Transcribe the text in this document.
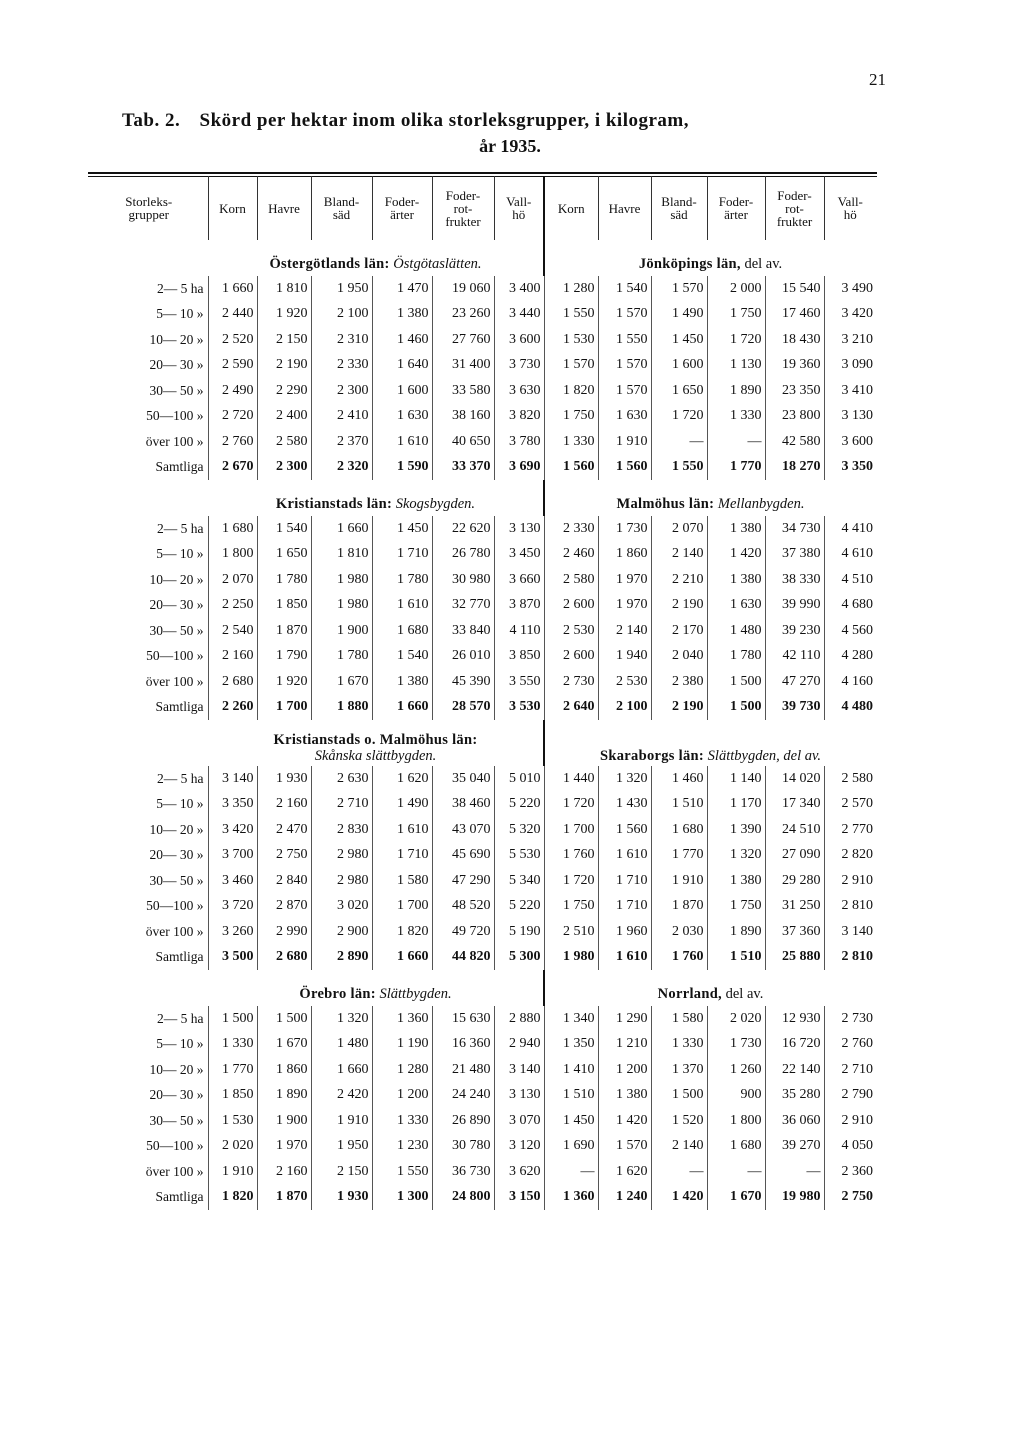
21
Tab. 2. Skörd per hektar inom olika storleksgrupper, i kilogram,
år 1935.
Storleks-
grupper	Korn	Havre	Bland-
säd	Foder-
ärter	Foder-
rot-
frukter	Vall-
hö	Korn	Havre	Bland-
säd	Foder-
ärter	Foder-
rot-
frukter	Vall-
hö
	Östergötlands län: Östgötaslätten.						Jönköpings län, del av.					
2— 5 ha	1 660	1 810	1 950	1 470	19 060	3 400	1 280	1 540	1 570	2 000	15 540	3 490
5— 10 »	2 440	1 920	2 100	1 380	23 260	3 440	1 550	1 570	1 490	1 750	17 460	3 420
10— 20 »	2 520	2 150	2 310	1 460	27 760	3 600	1 530	1 550	1 450	1 720	18 430	3 210
20— 30 »	2 590	2 190	2 330	1 640	31 400	3 730	1 570	1 570	1 600	1 130	19 360	3 090
30— 50 »	2 490	2 290	2 300	1 600	33 580	3 630	1 820	1 570	1 650	1 890	23 350	3 410
50—100 »	2 720	2 400	2 410	1 630	38 160	3 820	1 750	1 630	1 720	1 330	23 800	3 130
över 100 »	2 760	2 580	2 370	1 610	40 650	3 780	1 330	1 910	—	—	42 580	3 600
Samtliga	2 670	2 300	2 320	1 590	33 370	3 690	1 560	1 560	1 550	1 770	18 270	3 350
	Kristianstads län: Skogsbygden.						Malmöhus län: Mellanbygden.					
2— 5 ha	1 680	1 540	1 660	1 450	22 620	3 130	2 330	1 730	2 070	1 380	34 730	4 410
5— 10 »	1 800	1 650	1 810	1 710	26 780	3 450	2 460	1 860	2 140	1 420	37 380	4 610
10— 20 »	2 070	1 780	1 980	1 780	30 980	3 660	2 580	1 970	2 210	1 380	38 330	4 510
20— 30 »	2 250	1 850	1 980	1 610	32 770	3 870	2 600	1 970	2 190	1 630	39 990	4 680
30— 50 »	2 540	1 870	1 900	1 680	33 840	4 110	2 530	2 140	2 170	1 480	39 230	4 560
50—100 »	2 160	1 790	1 780	1 540	26 010	3 850	2 600	1 940	2 040	1 780	42 110	4 280
över 100 »	2 680	1 920	1 670	1 380	45 390	3 550	2 730	2 530	2 380	1 500	47 270	4 160
Samtliga	2 260	1 700	1 880	1 660	28 570	3 530	2 640	2 100	2 190	1 500	39 730	4 480
	Kristianstads o. Malmöhus län:
Skånska slättbygden.						Skaraborgs län: Slättbygden, del av.					
2— 5 ha	3 140	1 930	2 630	1 620	35 040	5 010	1 440	1 320	1 460	1 140	14 020	2 580
5— 10 »	3 350	2 160	2 710	1 490	38 460	5 220	1 720	1 430	1 510	1 170	17 340	2 570
10— 20 »	3 420	2 470	2 830	1 610	43 070	5 320	1 700	1 560	1 680	1 390	24 510	2 770
20— 30 »	3 700	2 750	2 980	1 710	45 690	5 530	1 760	1 610	1 770	1 320	27 090	2 820
30— 50 »	3 460	2 840	2 980	1 580	47 290	5 340	1 720	1 710	1 910	1 380	29 280	2 910
50—100 »	3 720	2 870	3 020	1 700	48 520	5 220	1 750	1 710	1 870	1 750	31 250	2 810
över 100 »	3 260	2 990	2 900	1 820	49 720	5 190	2 510	1 960	2 030	1 890	37 360	3 140
Samtliga	3 500	2 680	2 890	1 660	44 820	5 300	1 980	1 610	1 760	1 510	25 880	2 810
	Örebro län: Slättbygden.						Norrland, del av.					
2— 5 ha	1 500	1 500	1 320	1 360	15 630	2 880	1 340	1 290	1 580	2 020	12 930	2 730
5— 10 »	1 330	1 670	1 480	1 190	16 360	2 940	1 350	1 210	1 330	1 730	16 720	2 760
10— 20 »	1 770	1 860	1 660	1 280	21 480	3 140	1 410	1 200	1 370	1 260	22 140	2 710
20— 30 »	1 850	1 890	2 420	1 200	24 240	3 130	1 510	1 380	1 500	900	35 280	2 790
30— 50 »	1 530	1 900	1 910	1 330	26 890	3 070	1 450	1 420	1 520	1 800	36 060	2 910
50—100 »	2 020	1 970	1 950	1 230	30 780	3 120	1 690	1 570	2 140	1 680	39 270	4 050
över 100 »	1 910	2 160	2 150	1 550	36 730	3 620	—	1 620	—	—	—	2 360
Samtliga	1 820	1 870	1 930	1 300	24 800	3 150	1 360	1 240	1 420	1 670	19 980	2 750
